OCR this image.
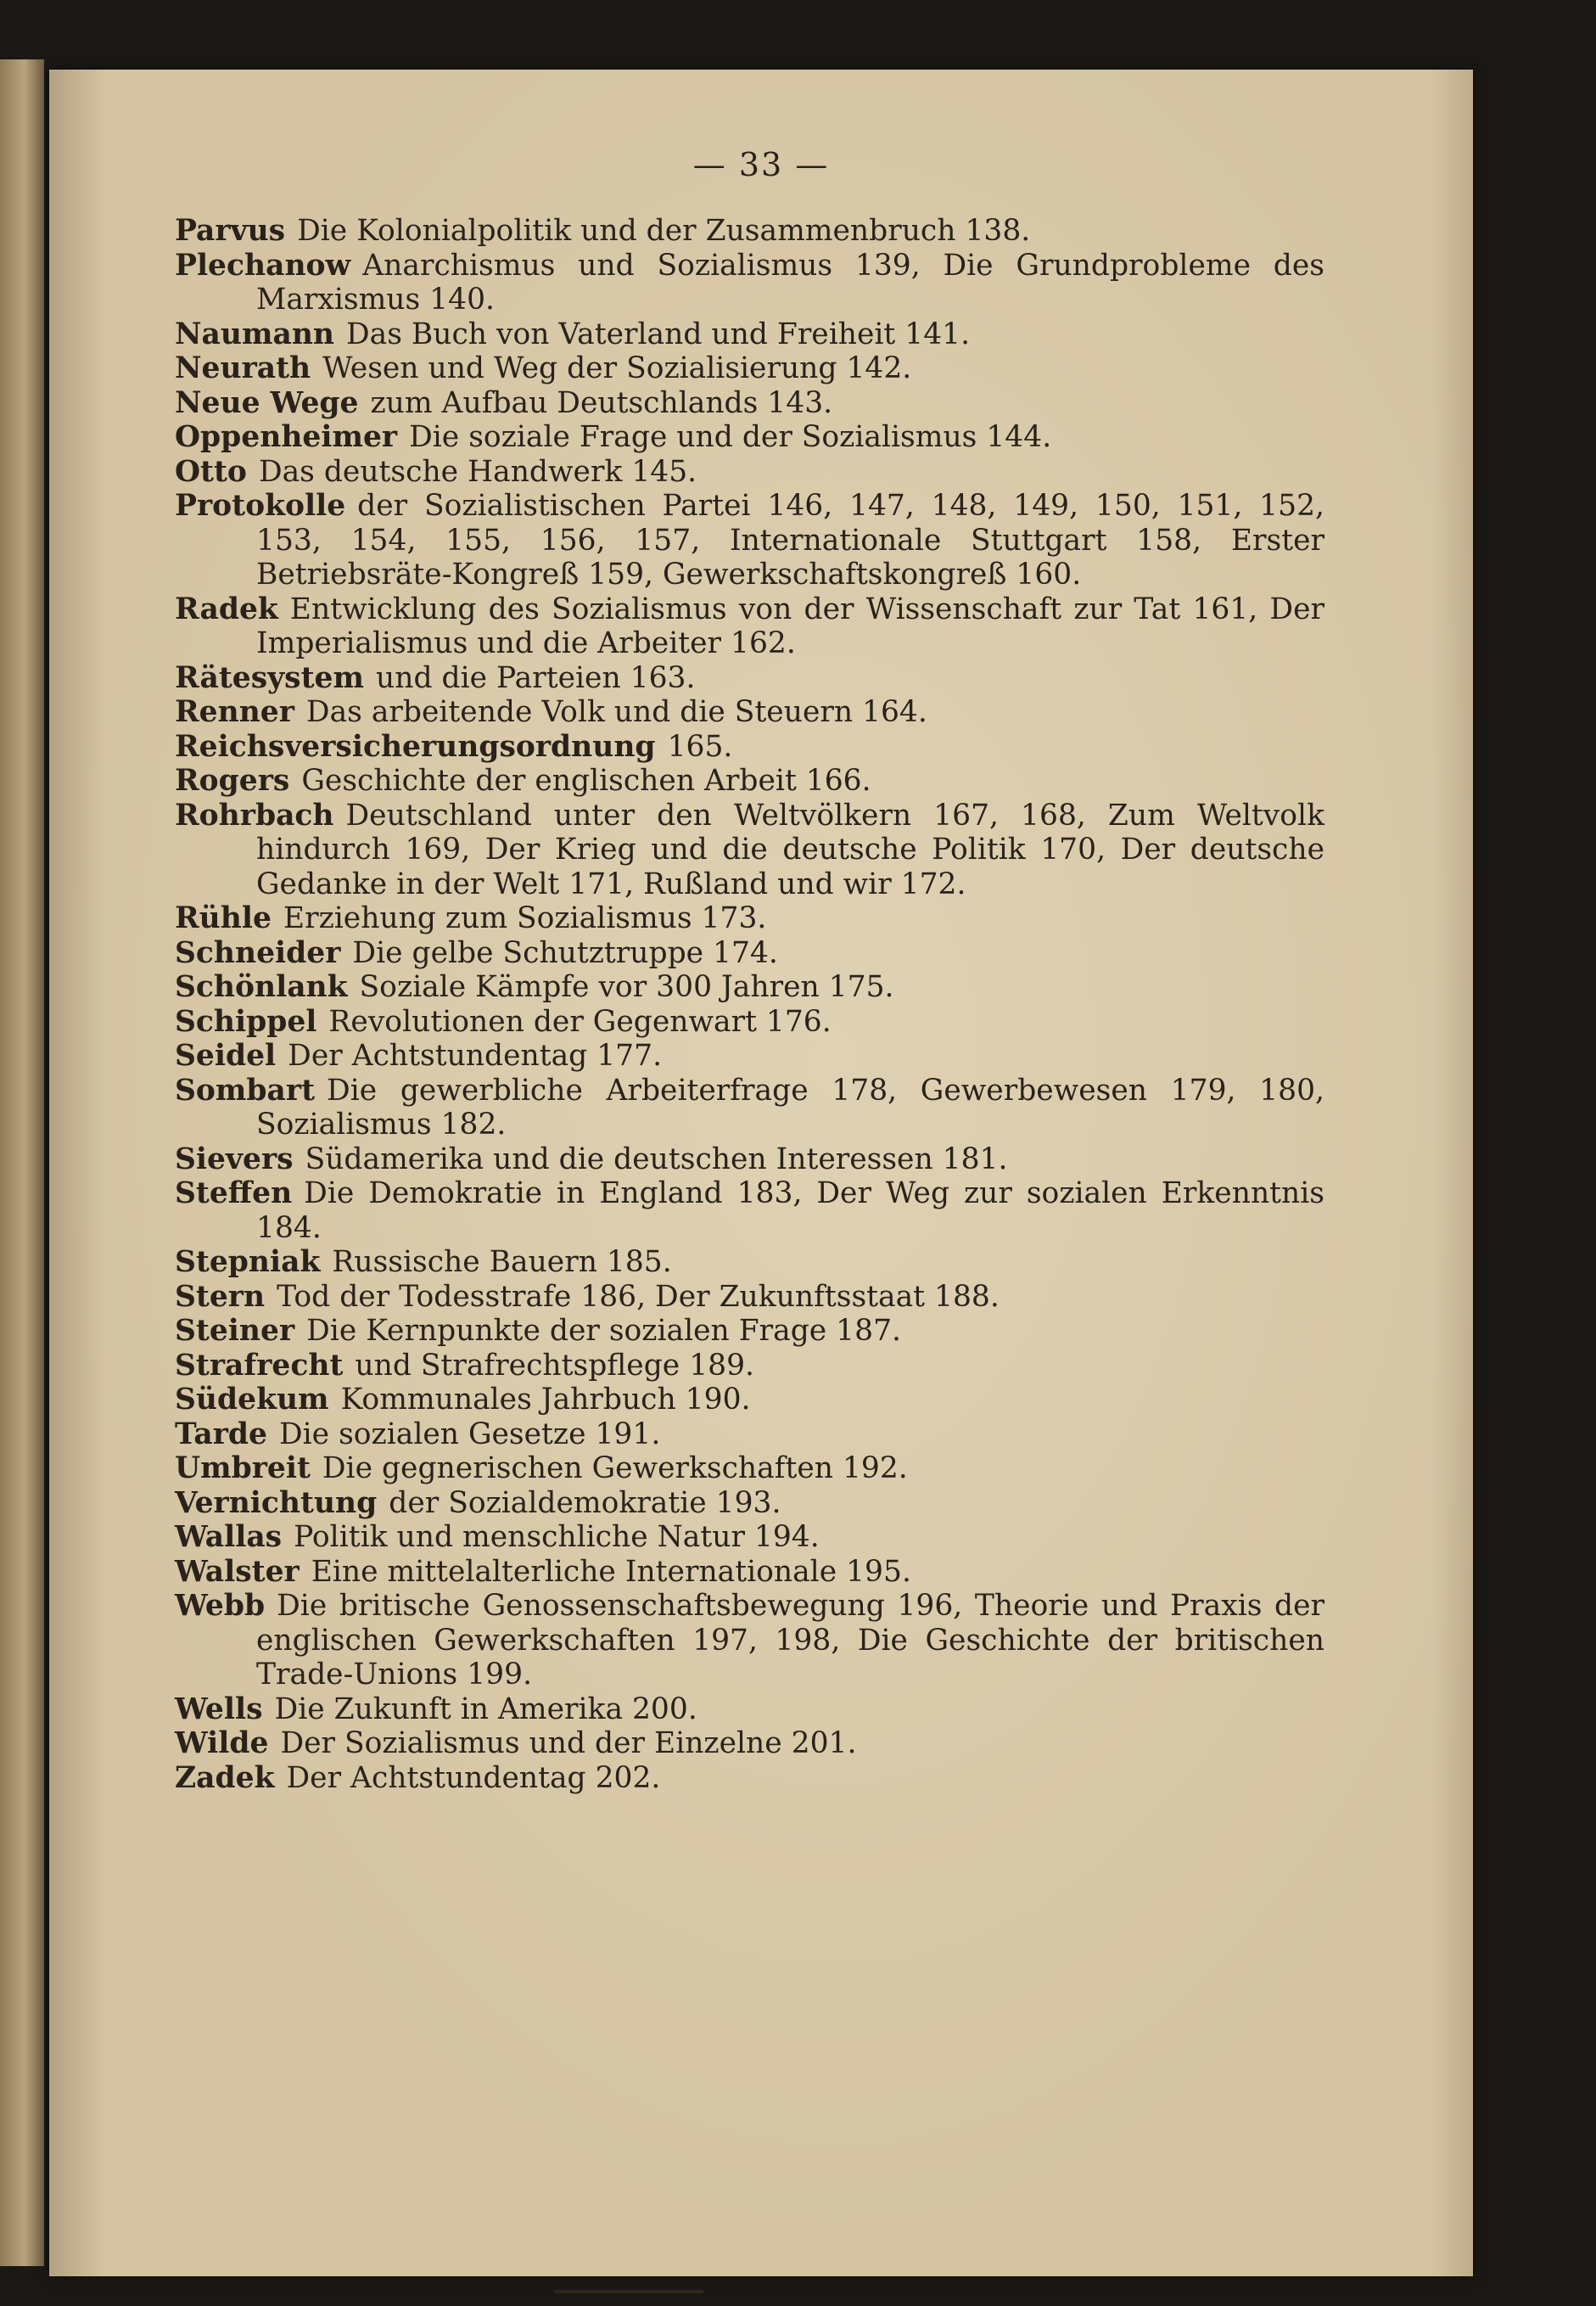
— 33 —
Parvus Die Kolonialpolitik und der Zusammenbruch 138.
Plechanow Anarchismus und Sozialismus 139, Die Grundprobleme des Marxismus 140.
Naumann Das Buch von Vaterland und Freiheit 141.
Neurath Wesen und Weg der Sozialisierung 142.
Neue Wege zum Aufbau Deutschlands 143.
Oppenheimer Die soziale Frage und der Sozialismus 144.
Otto Das deutsche Handwerk 145.
Protokolle der Sozialistischen Partei 146, 147, 148, 149, 150, 151, 152, 153, 154, 155, 156, 157, Internationale Stuttgart 158, Erster Betriebsräte-Kongreß 159, Gewerkschaftskongreß 160.
Radek Entwicklung des Sozialismus von der Wissenschaft zur Tat 161, Der Imperialismus und die Arbeiter 162.
Rätesystem und die Parteien 163.
Renner Das arbeitende Volk und die Steuern 164.
Reichsversicherungsordnung 165.
Rogers Geschichte der englischen Arbeit 166.
Rohrbach Deutschland unter den Weltvölkern 167, 168, Zum Weltvolk hindurch 169, Der Krieg und die deutsche Politik 170, Der deutsche Gedanke in der Welt 171, Rußland und wir 172.
Rühle Erziehung zum Sozialismus 173.
Schneider Die gelbe Schutztruppe 174.
Schönlank Soziale Kämpfe vor 300 Jahren 175.
Schippel Revolutionen der Gegenwart 176.
Seidel Der Achtstundentag 177.
Sombart Die gewerbliche Arbeiterfrage 178, Gewerbewesen 179, 180, Sozialismus 182.
Sievers Südamerika und die deutschen Interessen 181.
Steffen Die Demokratie in England 183, Der Weg zur sozialen Erkenntnis 184.
Stepniak Russische Bauern 185.
Stern Tod der Todesstrafe 186, Der Zukunftsstaat 188.
Steiner Die Kernpunkte der sozialen Frage 187.
Strafrecht und Strafrechtspflege 189.
Südekum Kommunales Jahrbuch 190.
Tarde Die sozialen Gesetze 191.
Umbreit Die gegnerischen Gewerkschaften 192.
Vernichtung der Sozialdemokratie 193.
Wallas Politik und menschliche Natur 194.
Walster Eine mittelalterliche Internationale 195.
Webb Die britische Genossenschaftsbewegung 196, Theorie und Praxis der englischen Gewerkschaften 197, 198, Die Geschichte der britischen Trade-Unions 199.
Wells Die Zukunft in Amerika 200.
Wilde Der Sozialismus und der Einzelne 201.
Zadek Der Achtstundentag 202.
